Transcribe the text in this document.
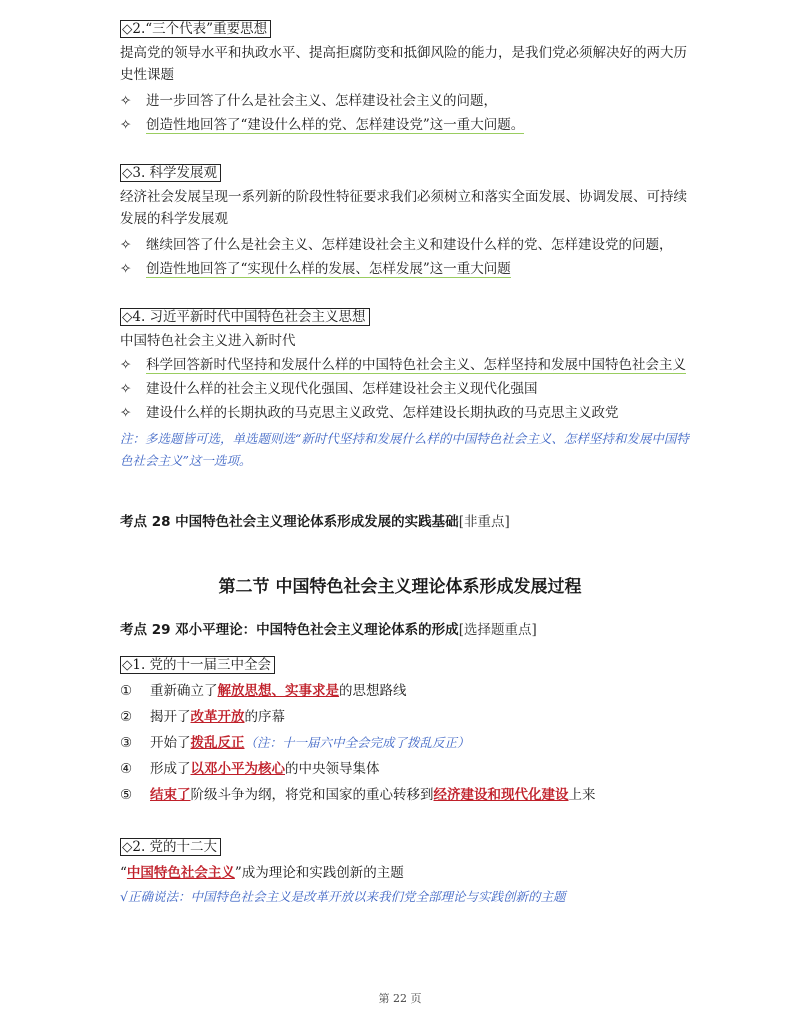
◇2.“三个代表”重要思想
提高党的领导水平和执政水平、提高拒腐防变和抵御风险的能力，是我们党必须解决好的两大历史性课题
✧ 进一步回答了什么是社会主义、怎样建设社会主义的问题，
✧ 创造性地回答了“建设什么样的党、怎样建设党”这一重大问题。
◇3. 科学发展观
经济社会发展呈现一系列新的阶段性特征要求我们必须树立和落实全面发展、协调发展、可持续发展的科学发展观
✧ 继续回答了什么是社会主义、怎样建设社会主义和建设什么样的党、怎样建设党的问题，
✧ 创造性地回答了“实现什么样的发展、怎样发展”这一重大问题
◇4. 习近平新时代中国特色社会主义思想
中国特色社会主义进入新时代
✧ 科学回答新时代坚持和发展什么样的中国特色社会主义、怎样坚持和发展中国特色社会主义
✧ 建设什么样的社会主义现代化强国、怎样建设社会主义现代化强国
✧ 建设什么样的长期执政的马克思主义政党、怎样建设长期执政的马克思主义政党
注：多选题皆可选，单选题则选“新时代坚持和发展什么样的中国特色社会主义、怎样坚持和发展中国特色社会主义”这一选项。
考点 28 中国特色社会主义理论体系形成发展的实践基础[非重点]
第二节 中国特色社会主义理论体系形成发展过程
考点 29 邓小平理论：中国特色社会主义理论体系的形成[选择题重点]
◇1. 党的十一届三中全会
① 重新确立了解放思想、实事求是的思想路线
② 揭开了改革开放的序幕
③ 开始了拨乱反正（注：十一届六中全会完成了拨乱反正）
④ 形成了以邓小平为核心的中央领导集体
⑤ 结束了阶级斗争为纲，将党和国家的重心转移到经济建设和现代化建设上来
◇2. 党的十二大
“中国特色社会主义”成为理论和实践创新的主题
√正确说法：中国特色社会主义是改革开放以来我们党全部理论与实践创新的主题
第 22 页
